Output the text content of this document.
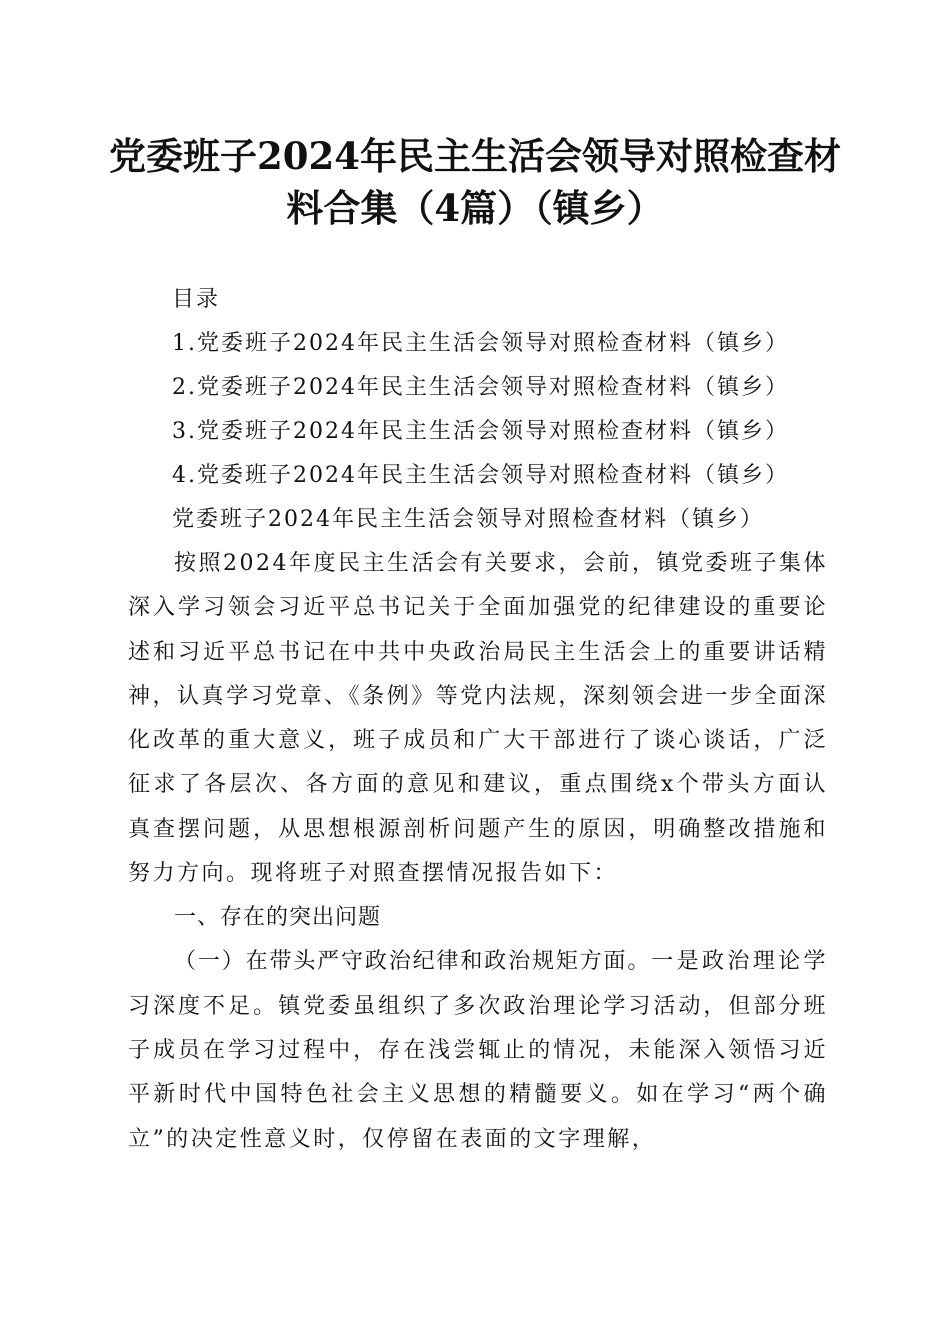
党委班子2024年民主生活会领导对照检查材
料合集（4篇）（镇乡）
目录
1.党委班子2024年民主生活会领导对照检查材料（镇乡）
2.党委班子2024年民主生活会领导对照检查材料（镇乡）
3.党委班子2024年民主生活会领导对照检查材料（镇乡）
4.党委班子2024年民主生活会领导对照检查材料（镇乡）
党委班子2024年民主生活会领导对照检查材料（镇乡）

按照2024年度民主生活会有关要求，会前，镇党委班子集体深入学习领会习近平总书记关于全面加强党的纪律建设的重要论述和习近平总书记在中共中央政治局民主生活会上的重要讲话精神，认真学习党章、《条例》等党内法规，深刻领会进一步全面深化改革的重大意义，班子成员和广大干部进行了谈心谈话，广泛征求了各层次、各方面的意见和建议，重点围绕x个带头方面认真查摆问题，从思想根源剖析问题产生的原因，明确整改措施和努力方向。现将班子对照查摆情况报告如下：

一、存在的突出问题

（一）在带头严守政治纪律和政治规矩方面。一是政治理论学习深度不足。镇党委虽组织了多次政治理论学习活动，但部分班子成员在学习过程中，存在浅尝辄止的情况，未能深入领悟习近平新时代中国特色社会主义思想的精髓要义。如在学习“两个确立”的决定性意义时，仅停留在表面的文字理解，
